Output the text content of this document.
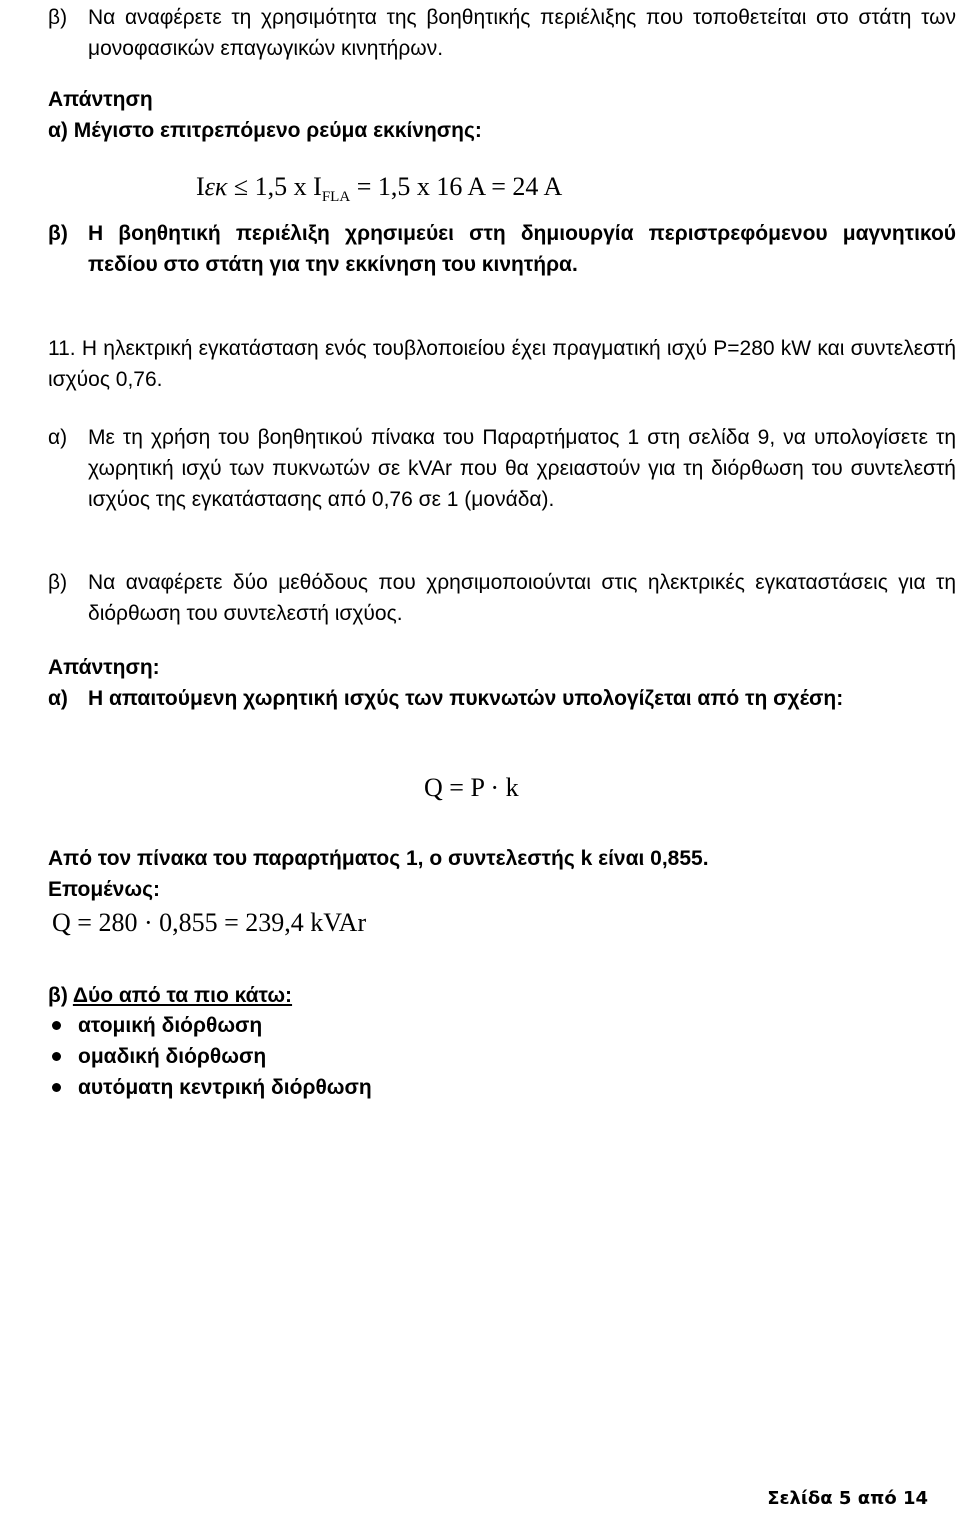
β) Να αναφέρετε τη χρησιμότητα της βοηθητικής περιέλιξης που τοποθετείται στο στάτη των μονοφασικών επαγωγικών κινητήρων.
Απάντηση
α) Μέγιστο επιτρεπόμενο ρεύμα εκκίνησης:
Iεκ ≤ 1,5 x $I_{FLA} = 1,5$ x 16 A = 24 A
β) Η βοηθητική περιέλιξη χρησιμεύει στη δημιουργία περιστρεφόμενου μαγνητικού πεδίου στο στάτη για την εκκίνηση του κινητήρα.
11. Η ηλεκτρική εγκατάσταση ενός τουβλοποιείου έχει πραγματική ισχύ P=280 kW και συντελεστή ισχύος 0,76.
α) Με τη χρήση του βοηθητικού πίνακα του Παραρτήματος 1 στη σελίδα 9, να υπολογίσετε τη χωρητική ισχύ των πυκνωτών σε kVAr που θα χρειαστούν για τη διόρθωση του συντελεστή ισχύος της εγκατάστασης από 0,76 σε 1 (μονάδα).
β) Να αναφέρετε δύο μεθόδους που χρησιμοποιούνται στις ηλεκτρικές εγκαταστάσεις για τη διόρθωση του συντελεστή ισχύος.
Απάντηση:
α) Η απαιτούμενη χωρητική ισχύς των πυκνωτών υπολογίζεται από τη σχέση:
Q = P · k
Από τον πίνακα του παραρτήματος 1, ο συντελεστής k είναι 0,855.
Επομένως:
Q = 280 · 0,855 = 239,4 kVAr
β) Δύο από τα πιο κάτω:
ατομική διόρθωση
ομαδική διόρθωση
αυτόματη κεντρική διόρθωση
Σελίδα 5 από 14
